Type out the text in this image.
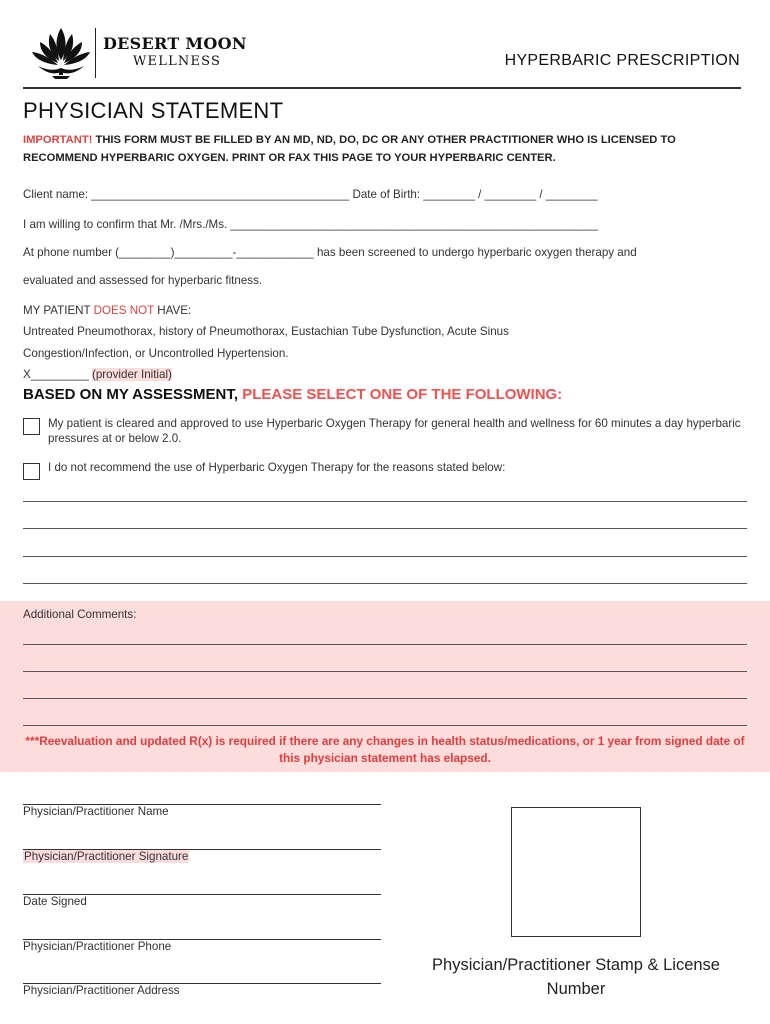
DESERT MOON
WELLNESS	HYPERBARIC PRESCRIPTION
PHYSICIAN STATEMENT
IMPORTANT! THIS FORM MUST BE FILLED BY AN MD, ND, DO, DC OR ANY OTHER PRACTITIONER WHO IS LICENSED TO RECOMMEND HYPERBARIC OXYGEN. PRINT OR FAX THIS PAGE TO YOUR HYPERBARIC CENTER.
Client name: ________________________________________ Date of Birth: ________ / ________ / ________
I am willing to confirm that Mr. /Mrs./Ms. _________________________________________________________
At phone number (________)_________-____________ has been screened to undergo hyperbaric oxygen therapy and
evaluated and assessed for hyperbaric fitness.
MY PATIENT DOES NOT HAVE:
Untreated Pneumothorax, history of Pneumothorax, Eustachian Tube Dysfunction, Acute Sinus
Congestion/Infection, or Uncontrolled Hypertension.
X_________ (provider Initial)
BASED ON MY ASSESSMENT, PLEASE SELECT ONE OF THE FOLLOWING:
My patient is cleared and approved to use Hyperbaric Oxygen Therapy for general health and wellness for 60 minutes a day hyperbaric pressures at or below 2.0.
I do not recommend the use of Hyperbaric Oxygen Therapy for the reasons stated below:
Additional Comments:
***Reevaluation and updated R(x) is required if there are any changes in health status/medications, or 1 year from signed date of this physician statement has elapsed.
Physician/Practitioner Name
Physician/Practitioner Signature
Date Signed
Physician/Practitioner Phone
Physician/Practitioner Address
Physician/Practitioner Stamp & License Number
